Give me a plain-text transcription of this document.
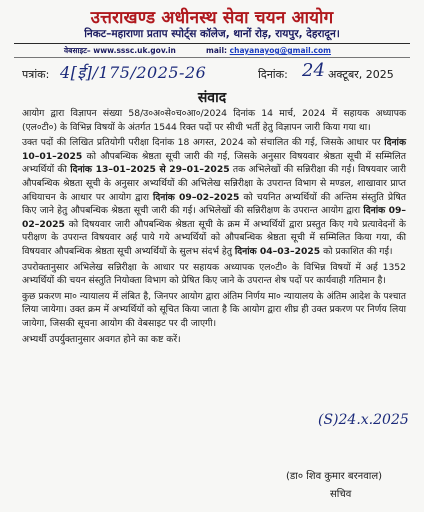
उत्तराखण्ड अधीनस्थ सेवा चयन आयोग
निकट–महाराणा प्रताप स्पोर्ट्स कॉलेज, थानों रोड़, रायपुर, देहरादून।
वेबसाइट– www.sssc.uk.gov.in	mail: chayanayog@gmail.com
पत्रांक: 4[ई]/175/2025-26	दिनांक: 24 अक्टूबर, 2025
संवाद

आयोग द्वारा विज्ञापन संख्या 58/उ०अ०से०च०आ०/2024 दिनांक 14 मार्च, 2024 में सहायक अध्यापक (एल०टी०) के विभिन्न विषयों के अंतर्गत 1544 रिक्त पदों पर सीधी भर्ती हेतु विज्ञापन जारी किया गया था।

उक्त पदों की लिखित प्रतियोगी परीक्षा दिनांक 18 अगस्त, 2024 को संचालित की गई, जिसके आधार पर दिनांक 10–01–2025 को औपबन्धिक श्रेष्ठता सूची जारी की गई, जिसके अनुसार विषयवार श्रेष्ठता सूची में सम्मिलित अभ्यर्थियों की दिनांक 13–01–2025 से 29–01–2025 तक अभिलेखों की सन्निरीक्षा की गई। विषयवार जारी औपबन्धिक श्रेष्ठता सूची के अनुसार अभ्यर्थियों की अभिलेख सन्निरीक्षा के उपरान्त विभाग से मण्डल, शाखावार प्राप्त अधियाचन के आधार पर आयोग द्वारा दिनांक 09–02–2025 को चयनित अभ्यर्थियों की अन्तिम संस्तुति प्रेषित किए जाने हेतु औपबन्धिक श्रेष्ठता सूची जारी की गई। अभिलेखों की सन्निरीक्षण के उपरान्त आयोग द्वारा दिनांक 09–02–2025 को दिषयवार जारी औपबन्धिक श्रेष्ठता सूची के क्रम में अभ्यर्थियों द्वारा प्रस्तुत किए गये प्रत्यावेदनों के परीक्षण के उपरान्त विषयवार अर्ह पाये गये अभ्यर्थियों को औपबन्धिक श्रेष्ठता सूची में सम्मिलित किया गया, की विषयवार औपबन्धिक श्रेष्ठता सूची अभ्यर्थियों के सुलभ संदर्भ हेतु दिनांक 04–03–2025 को प्रकाशित की गई।

उपरोक्तानुसार अभिलेख सन्निरीक्षा के आधार पर सहायक अध्यापक एल०टी० के विभिन्न विषयों में अर्ह 1352 अभ्यर्थियों की चयन संस्तुति नियोक्ता विभाग को प्रेषित किए जाने के उपरान्त शेष पदों पर कार्यवाही गतिमान है।

कुछ प्रकरण मा० न्यायालय में लंबित है, जिनपर आयोग द्वारा अंतिम निर्णय मा० न्यायालय के अंतिम आदेश के पश्चात लिया जायेगा। उक्त क्रम में अभ्यर्थियों को सूचित किया जाता है कि आयोग द्वारा शीघ्र ही उक्त प्रकरण पर निर्णय लिया जायेगा, जिसकी सूचना आयोग की वेबसाइट पर दी जाएगी।

अभ्यर्थी उपर्युक्तानुसार अवगत होने का कष्ट करें।

(S)24.x.2025
(डा० शिव कुमार बरनवाल)
सचिव
